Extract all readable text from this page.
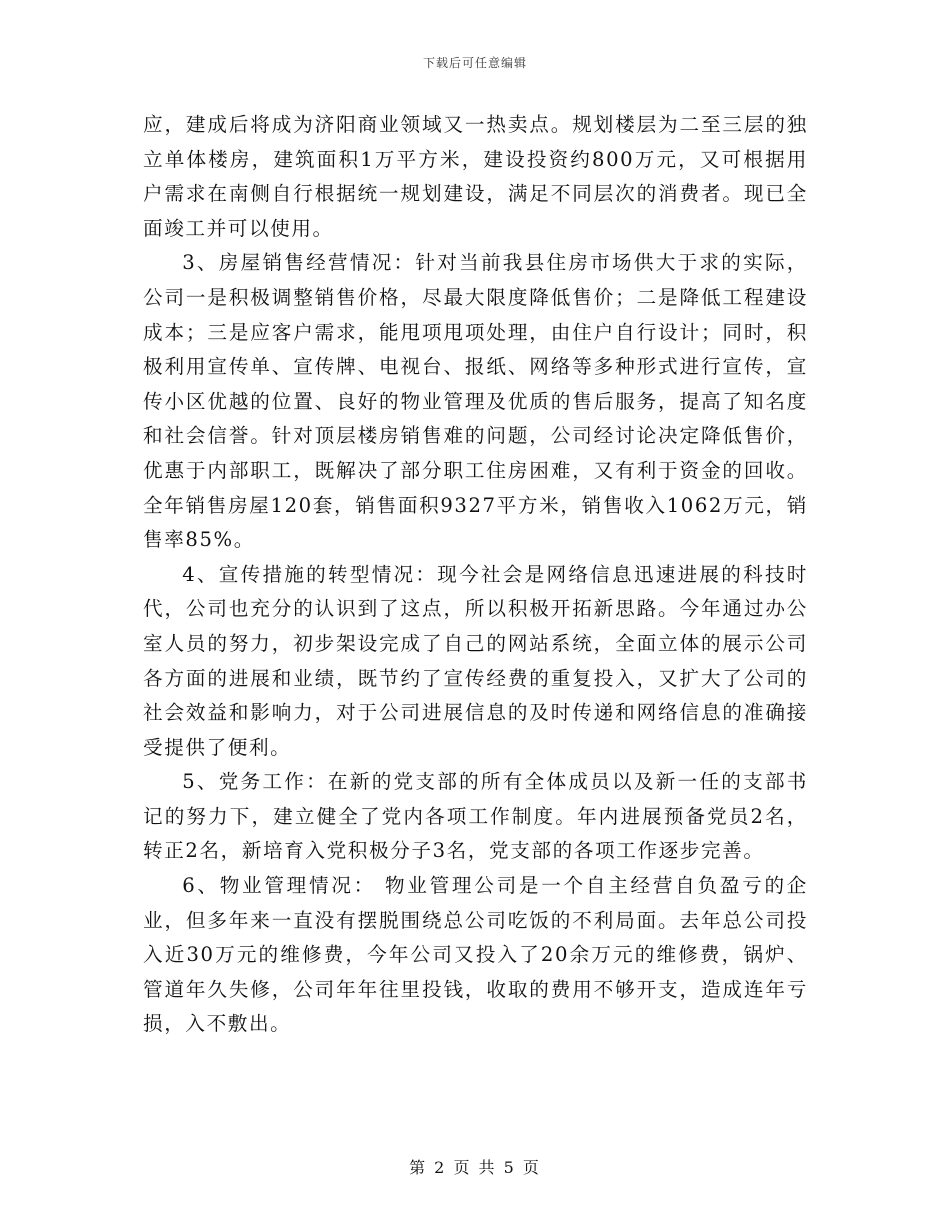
下载后可任意编辑

应，建成后将成为济阳商业领域又一热卖点。规划楼层为二至三层的独立单体楼房，建筑面积1万平方米，建设投资约800万元，又可根据用户需求在南侧自行根据统一规划建设，满足不同层次的消费者。现已全面竣工并可以使用。

3、房屋销售经营情况：针对当前我县住房市场供大于求的实际，公司一是积极调整销售价格，尽最大限度降低售价；二是降低工程建设成本；三是应客户需求，能甩项甩项处理，由住户自行设计；同时，积极利用宣传单、宣传牌、电视台、报纸、网络等多种形式进行宣传，宣传小区优越的位置、良好的物业管理及优质的售后服务，提高了知名度和社会信誉。针对顶层楼房销售难的问题，公司经讨论决定降低售价，优惠于内部职工，既解决了部分职工住房困难，又有利于资金的回收。全年销售房屋120套，销售面积9327平方米，销售收入1062万元，销售率85%。

4、宣传措施的转型情况：现今社会是网络信息迅速进展的科技时代，公司也充分的认识到了这点，所以积极开拓新思路。今年通过办公室人员的努力，初步架设完成了自己的网站系统，全面立体的展示公司各方面的进展和业绩，既节约了宣传经费的重复投入，又扩大了公司的社会效益和影响力，对于公司进展信息的及时传递和网络信息的准确接受提供了便利。

5、党务工作：在新的党支部的所有全体成员以及新一任的支部书记的努力下，建立健全了党内各项工作制度。年内进展预备党员2名，转正2名，新培育入党积极分子3名，党支部的各项工作逐步完善。

6、物业管理情况： 物业管理公司是一个自主经营自负盈亏的企业，但多年来一直没有摆脱围绕总公司吃饭的不利局面。去年总公司投入近30万元的维修费，今年公司又投入了20余万元的维修费，锅炉、管道年久失修，公司年年往里投钱，收取的费用不够开支，造成连年亏损，入不敷出。

第 2 页 共 5 页
